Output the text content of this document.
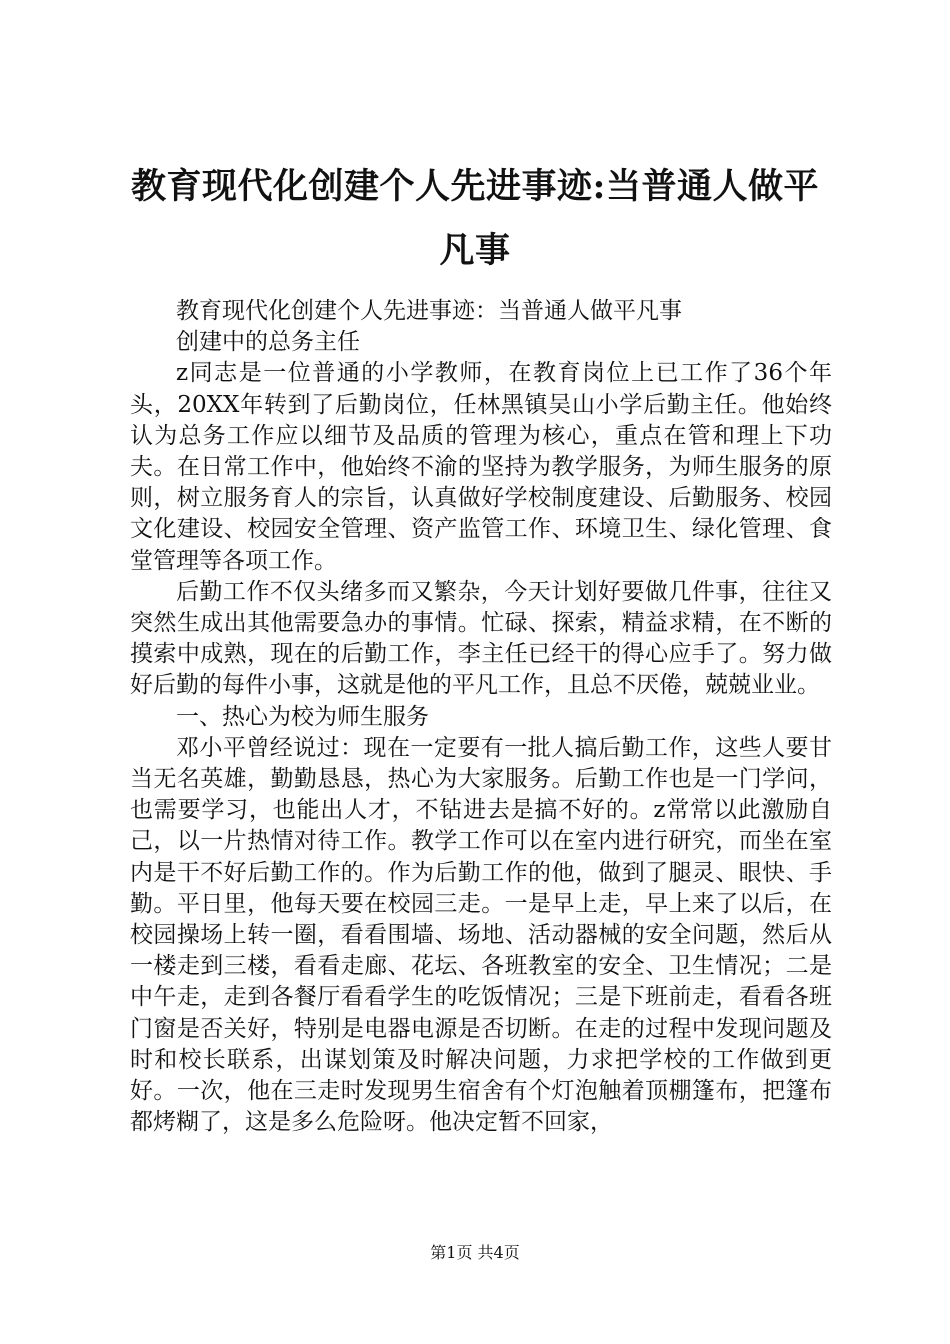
教育现代化创建个人先进事迹:当普通人做平
凡事

教育现代化创建个人先进事迹：当普通人做平凡事

创建中的总务主任

z同志是一位普通的小学教师，在教育岗位上已工作了36个年头，20XX年转到了后勤岗位，任林黑镇吴山小学后勤主任。他始终认为总务工作应以细节及品质的管理为核心，重点在管和理上下功夫。在日常工作中，他始终不渝的坚持为教学服务，为师生服务的原则，树立服务育人的宗旨，认真做好学校制度建设、后勤服务、校园文化建设、校园安全管理、资产监管工作、环境卫生、绿化管理、食堂管理等各项工作。

后勤工作不仅头绪多而又繁杂，今天计划好要做几件事，往往又突然生成出其他需要急办的事情。忙碌、探索，精益求精，在不断的摸索中成熟，现在的后勤工作，李主任已经干的得心应手了。努力做好后勤的每件小事，这就是他的平凡工作，且总不厌倦，兢兢业业。

一、热心为校为师生服务

邓小平曾经说过：现在一定要有一批人搞后勤工作，这些人要甘当无名英雄，勤勤恳恳，热心为大家服务。后勤工作也是一门学问，也需要学习，也能出人才，不钻进去是搞不好的。z常常以此激励自己，以一片热情对待工作。教学工作可以在室内进行研究，而坐在室内是干不好后勤工作的。作为后勤工作的他，做到了腿灵、眼快、手勤。平日里，他每天要在校园三走。一是早上走，早上来了以后，在校园操场上转一圈，看看围墙、场地、活动器械的安全问题，然后从一楼走到三楼，看看走廊、花坛、各班教室的安全、卫生情况；二是中午走，走到各餐厅看看学生的吃饭情况；三是下班前走，看看各班门窗是否关好，特别是电器电源是否切断。在走的过程中发现问题及时和校长联系，出谋划策及时解决问题，力求把学校的工作做到更好。一次，他在三走时发现男生宿舍有个灯泡触着顶棚篷布，把篷布都烤糊了，这是多么危险呀。他决定暂不回家，

第1页 共4页
